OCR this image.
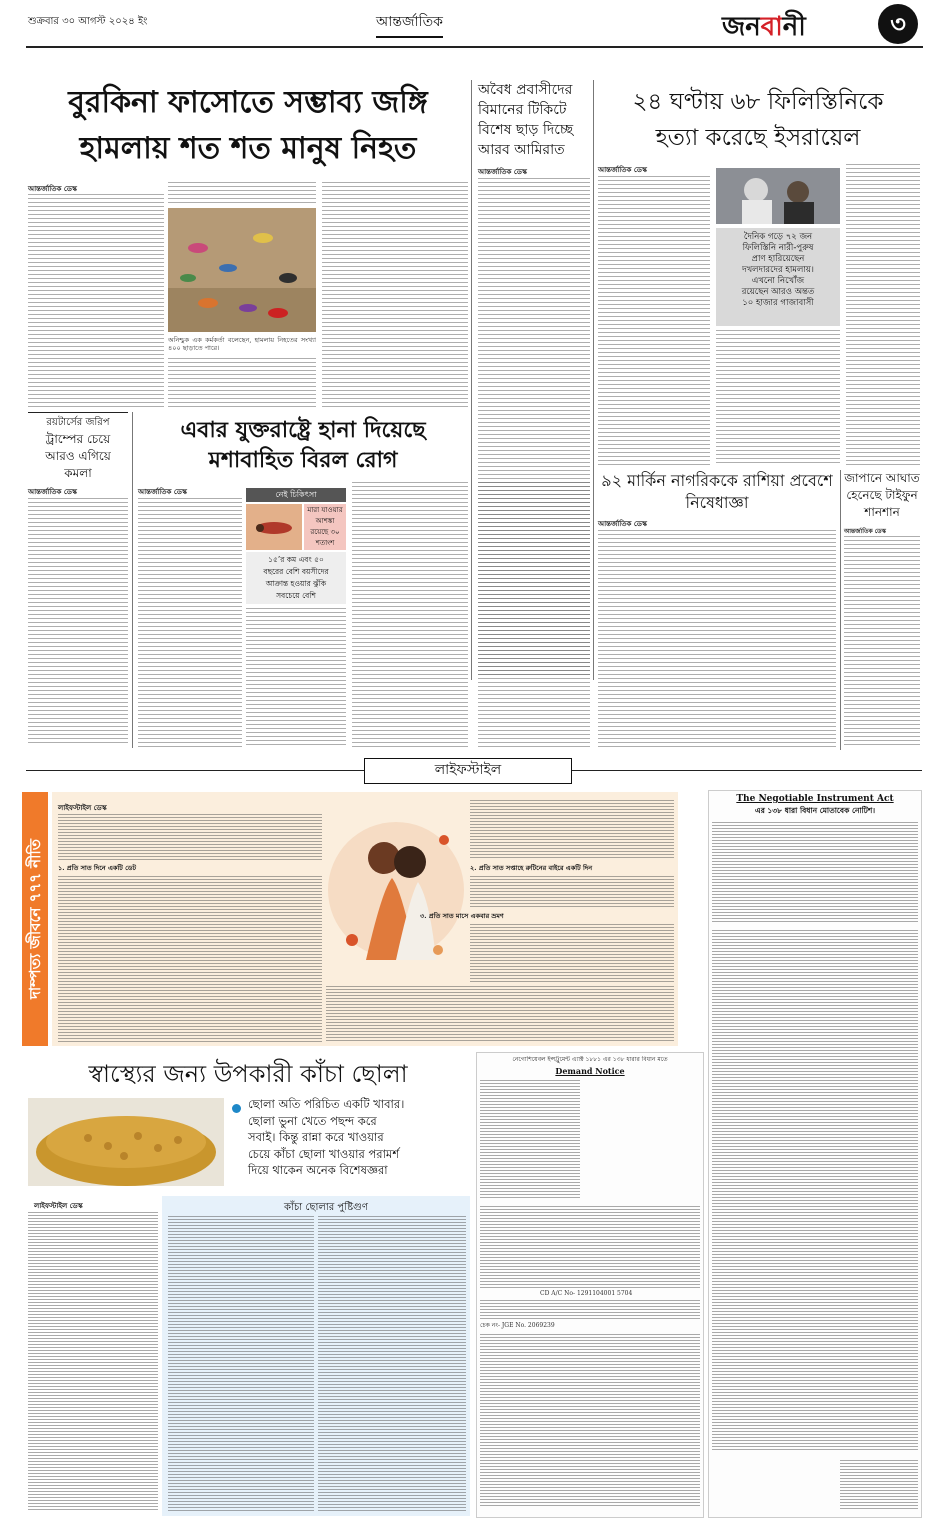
শুক্রবার ৩০ আগস্ট ২০২৪ ইং	আন্তর্জাতিক	জনবানী	৩
বুরকিনা ফাসোতে সম্ভাব্য জঙ্গি
হামলায় শত শত মানুষ নিহত
আন্তর্জাতিক ডেস্ক
অনিশ্চুক এক কর্মকর্তা বলেছেন, হামলায় নিহতের সংখ্যা ৪০০ ছাড়াতে পারে।
অবৈধ প্রবাসীদের বিমানের টিকিটে বিশেষ ছাড় দিচ্ছে আরব আমিরাত
আন্তর্জাতিক ডেস্ক
২৪ ঘণ্টায় ৬৮ ফিলিস্তিনিকে
হত্যা করেছে ইসরায়েল
আন্তর্জাতিক ডেস্ক
দৈনিক গড়ে ৭২ জন
ফিলিস্তিনি নারী-পুরুষ
প্রাণ হারিয়েছেন
দখলদারদের হামলায়।
এখনো নিখোঁজ
রয়েছেন আরও অন্তত
১০ হাজার গাজাবাসী
রয়টার্সের জরিপ
ট্রাম্পের চেয়ে
আরও এগিয়ে
কমলা
আন্তর্জাতিক ডেস্ক
এবার যুক্তরাষ্ট্রে হানা দিয়েছে
মশাবাহিত বিরল রোগ
আন্তর্জাতিক ডেস্ক	নেই চিকিৎসা
মারা যাওয়ার
আশঙ্কা
রয়েছে ৩০
শতাংশ
১৫’র কম এবং ৫০
বছরের বেশি বয়সীদের
আক্রান্ত হওয়ার ঝুঁকি
সবচেয়ে বেশি
৯২ মার্কিন নাগরিককে রাশিয়া প্রবেশে নিষেধাজ্ঞা
আন্তর্জাতিক ডেস্ক
জাপানে আঘাত
হেনেছে টাইফুন
শানশান
আন্তর্জাতিক ডেস্ক
লাইফস্টাইল
দাম্পত্য জীবনে ৭৭৭ নীতি
লাইফস্টাইল ডেস্ক
১. প্রতি সাত দিনে একটি ডেট	২. প্রতি সাত সপ্তাহে রুটিনের বাইরে একটি দিন
৩. প্রতি সাত মাসে একবার ভ্রমণ
স্বাস্থ্যের জন্য উপকারী কাঁচা ছোলা
ছোলা অতি পরিচিত একটি খাবার।
ছোলা ভুনা খেতে পছন্দ করে
সবাই। কিন্তু রান্না করে খাওয়ার
চেয়ে কাঁচা ছোলা খাওয়ার পরামর্শ
দিয়ে থাকেন অনেক বিশেষজ্ঞরা
লাইফস্টাইল ডেস্ক	কাঁচা ছোলার পুষ্টিগুণ
নেগোশিয়েবল ইন্সট্রুমেন্ট এ্যাক্ট ১৮৮১ এর ১৩৮ ধারার বিধান মতে
Demand Notice
CD A/C No- 1291104001 5704
চেক নং- JGE No. 2069239
The Negotiable Instrument Act
এর ১৩৮ ধারা বিধান মোতাবেক নোটিশ।
